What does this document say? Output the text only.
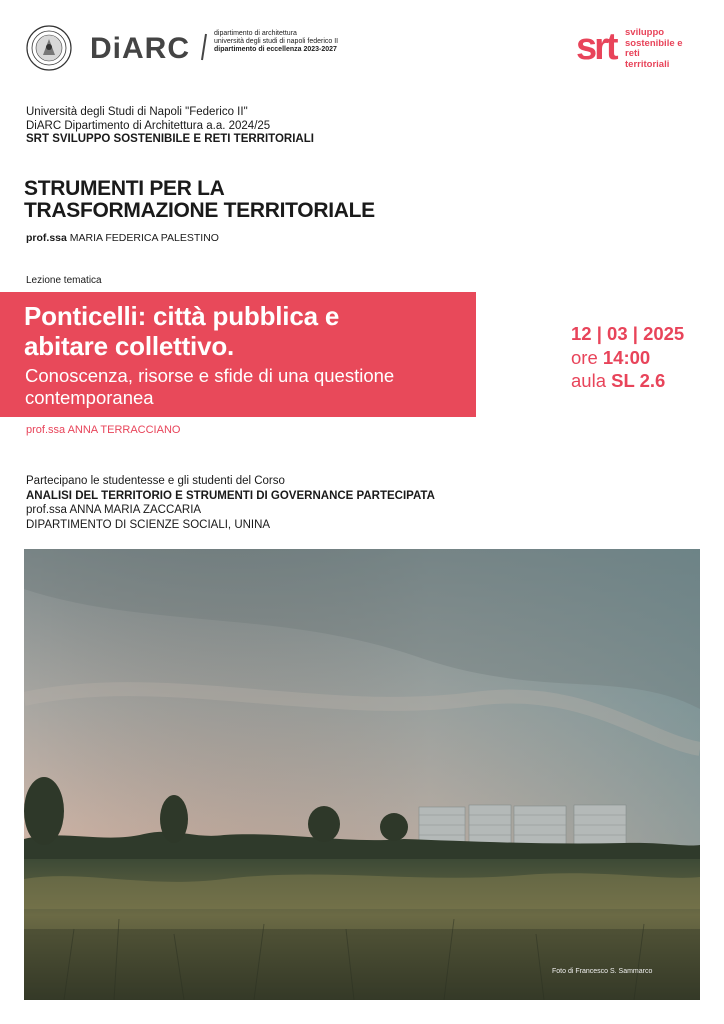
DiARC	dipartimento di architettura
università degli studi di napoli federico II
dipartimento di eccellenza 2023-2027	srt sviluppo
sostenibile e
reti
territoriali
Università degli Studi di Napoli "Federico II"
DiARC Dipartimento di Architettura a.a. 2024/25
SRT SVILUPPO SOSTENIBILE E RETI TERRITORIALI
STRUMENTI PER LA
TRASFORMAZIONE TERRITORIALE
prof.ssa MARIA FEDERICA PALESTINO
Lezione tematica
Ponticelli: città pubblica e
abitare collettivo.
Conoscenza, risorse e sfide di una questione
contemporanea
prof.ssa ANNA TERRACCIANO
12 | 03 | 2025
ore 14:00
aula SL 2.6
Partecipano le studentesse e gli studenti del Corso
ANALISI DEL TERRITORIO E STRUMENTI DI GOVERNANCE PARTECIPATA
prof.ssa ANNA MARIA ZACCARIA
DIPARTIMENTO DI SCIENZE SOCIALI, UNINA
Foto di Francesco S. Sammarco
